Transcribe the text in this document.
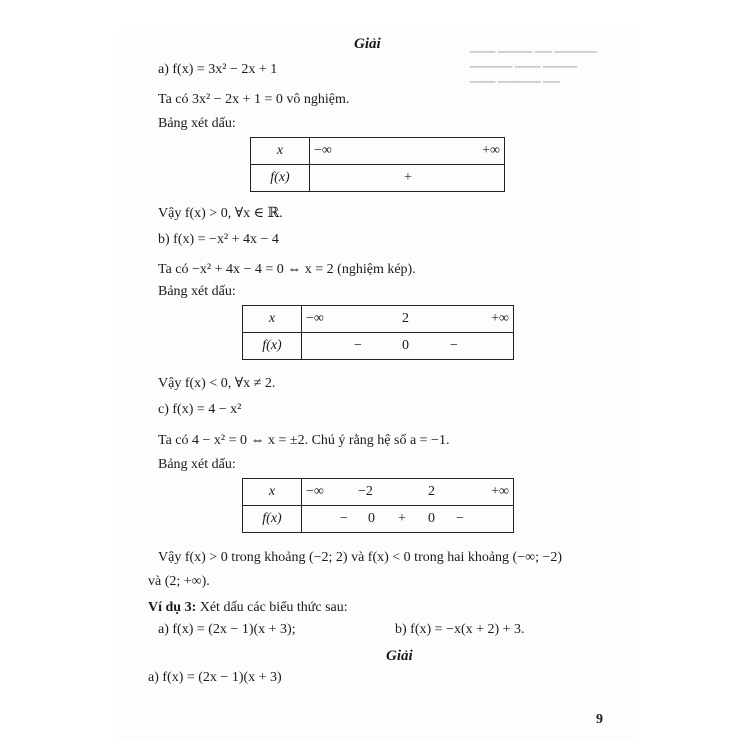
▁▁▁ ▁▁▁▁ ▁▁ ▁▁▁▁▁
▁▁▁▁▁ ▁▁▁ ▁▁▁▁
▁▁▁ ▁▁▁▁▁ ▁▁
Giải
a) f(x) = 3x² − 2x + 1
Ta có 3x² − 2x + 1 = 0 vô nghiệm.
Bảng xét dấu:
x	−∞ +∞

f(x)	+
Vậy f(x) > 0, ∀x ∈ ℝ.
b) f(x) = −x² + 4x − 4
Ta có −x² + 4x − 4 = 0 ⇔ x = 2 (nghiệm kép).
Bảng xét dấu:
x	−∞ 2 +∞

f(x)	− 0 −
Vậy f(x) < 0, ∀x ≠ 2.
c) f(x) = 4 − x²
Ta có 4 − x² = 0 ⇔ x = ±2. Chú ý rằng hệ số a = −1.
Bảng xét dấu:
x	−∞ −2 2 +∞

f(x)	− 0 + 0 −
Vậy f(x) > 0 trong khoảng (−2; 2) và f(x) < 0 trong hai khoảng (−∞; −2)
và (2; +∞).
Ví dụ 3: Xét dấu các biểu thức sau:
a) f(x) = (2x − 1)(x + 3);	b) f(x) = −x(x + 2) + 3.
Giải
a) f(x) = (2x − 1)(x + 3)
9
